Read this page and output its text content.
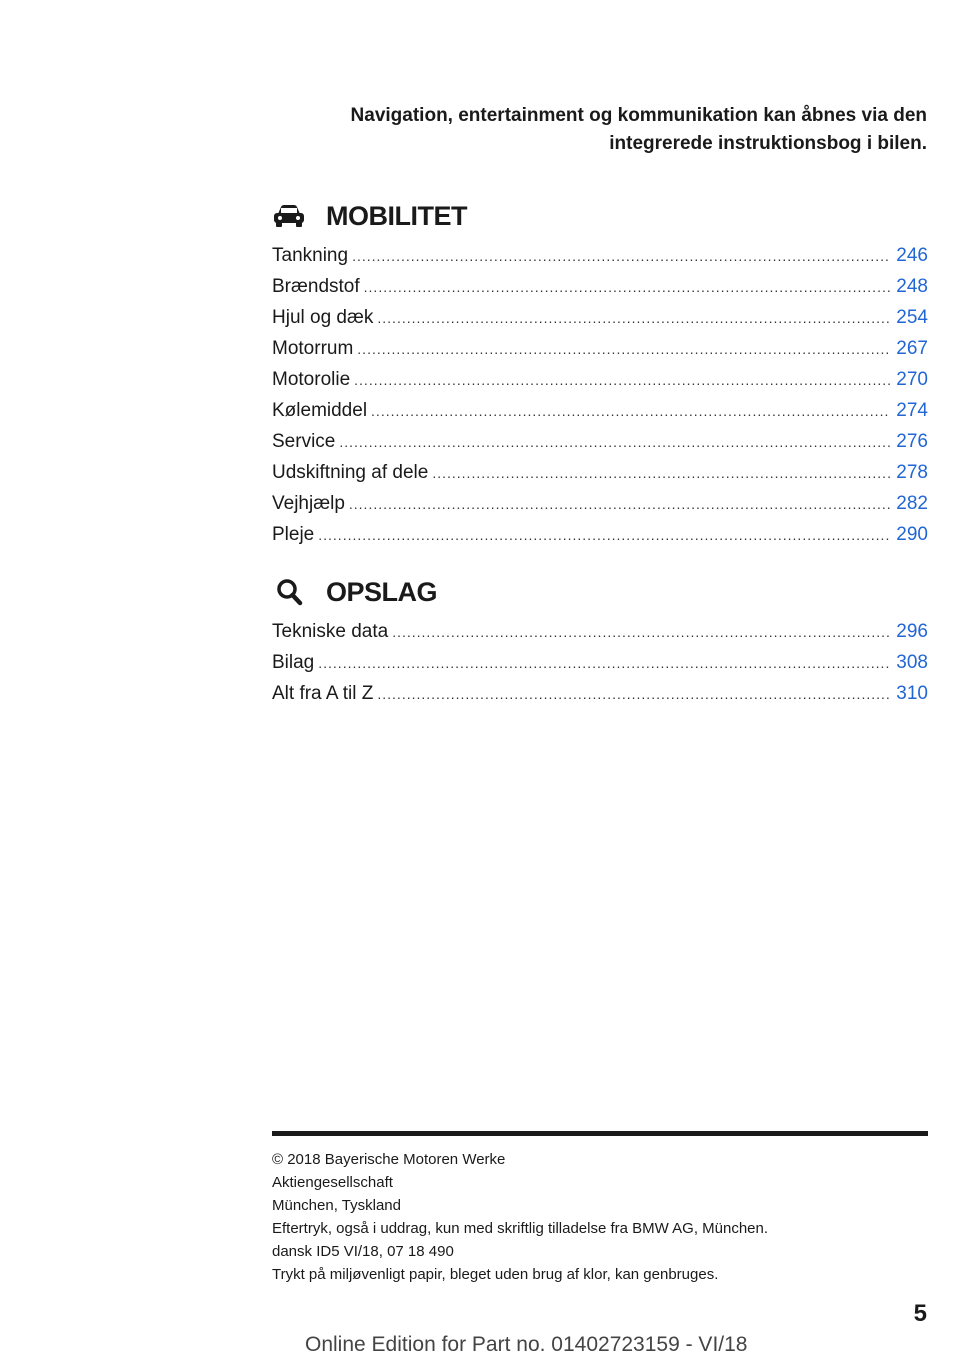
Navigation, entertainment og kommunikation kan åbnes via den
integrerede instruktionsbog i bilen.
MOBILITET
Tankning .....	246
Brændstof .....	248
Hjul og dæk .....	254
Motorrum .....	267
Motorolie .....	270
Kølemiddel .....	274
Service .....	276
Udskiftning af dele .....	278
Vejhjælp .....	282
Pleje .....	290
OPSLAG
Tekniske data .....	296
Bilag .....	308
Alt fra A til Z .....	310
© 2018 Bayerische Motoren Werke
Aktiengesellschaft
München, Tyskland
Eftertryk, også i uddrag, kun med skriftlig tilladelse fra BMW AG, München.
dansk ID5 VI/18, 07 18 490
Trykt på miljøvenligt papir, bleget uden brug af klor, kan genbruges.
5
Online Edition for Part no. 01402723159 - VI/18
